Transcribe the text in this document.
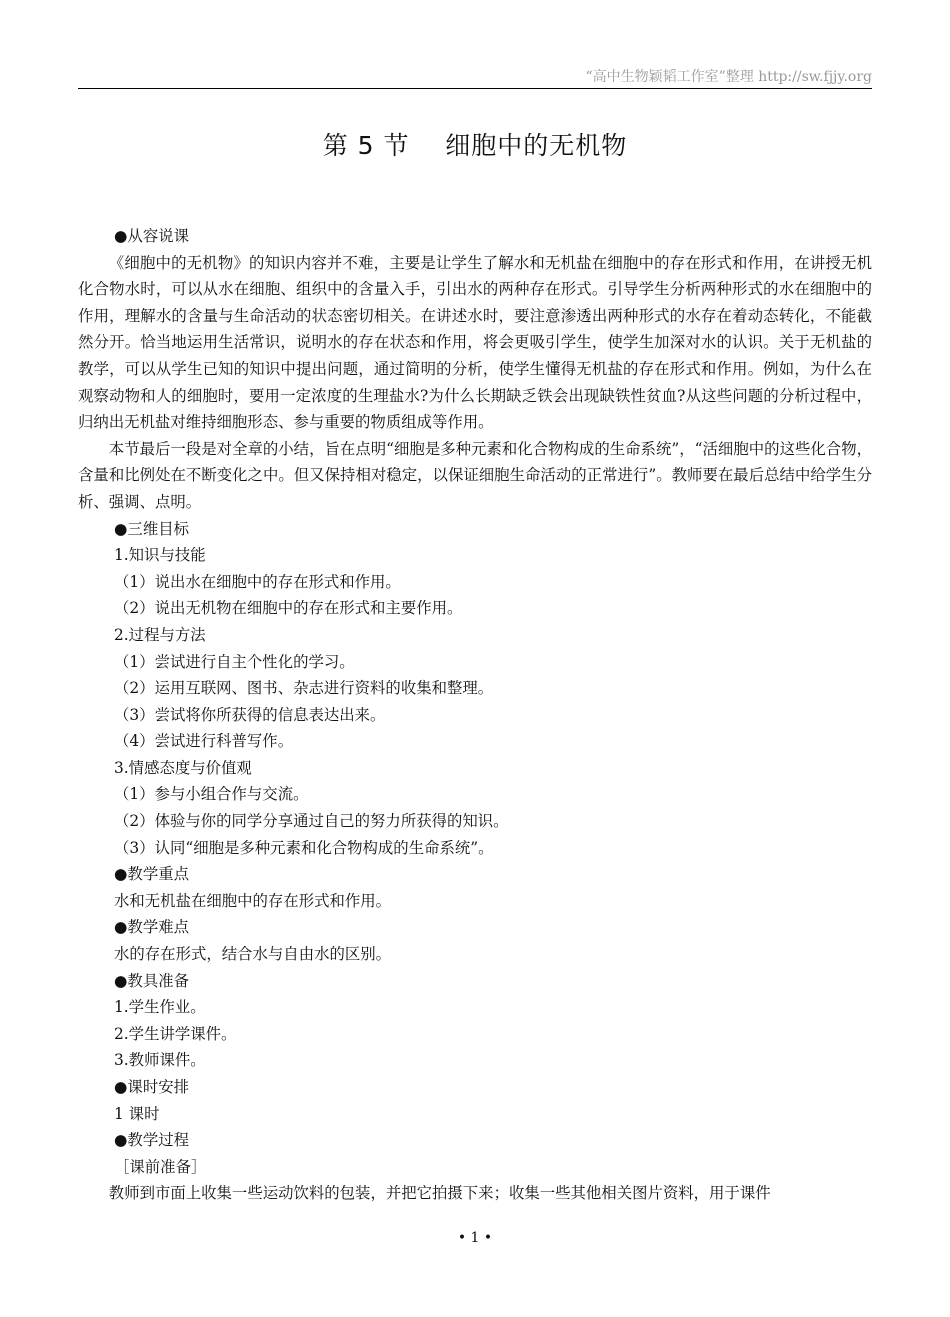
“高中生物颖韬工作室”整理 http://sw.fjjy.org
第 5 节    细胞中的无机物

●从容说课

《细胞中的无机物》的知识内容并不难，主要是让学生了解水和无机盐在细胞中的存在形式和作用，在讲授无机化合物水时，可以从水在细胞、组织中的含量入手，引出水的两种存在形式。引导学生分析两种形式的水在细胞中的作用，理解水的含量与生命活动的状态密切相关。在讲述水时，要注意渗透出两种形式的水存在着动态转化，不能截然分开。恰当地运用生活常识，说明水的存在状态和作用，将会更吸引学生，使学生加深对水的认识。关于无机盐的教学，可以从学生已知的知识中提出问题，通过简明的分析，使学生懂得无机盐的存在形式和作用。例如，为什么在观察动物和人的细胞时，要用一定浓度的生理盐水?为什么长期缺乏铁会出现缺铁性贫血?从这些问题的分析过程中，归纳出无机盐对维持细胞形态、参与重要的物质组成等作用。

本节最后一段是对全章的小结，旨在点明“细胞是多种元素和化合物构成的生命系统”，“活细胞中的这些化合物，含量和比例处在不断变化之中。但又保持相对稳定，以保证细胞生命活动的正常进行”。教师要在最后总结中给学生分析、强调、点明。

●三维目标

1.知识与技能

（1）说出水在细胞中的存在形式和作用。

（2）说出无机物在细胞中的存在形式和主要作用。

2.过程与方法

（1）尝试进行自主个性化的学习。

（2）运用互联网、图书、杂志进行资料的收集和整理。

（3）尝试将你所获得的信息表达出来。

（4）尝试进行科普写作。

3.情感态度与价值观

（1）参与小组合作与交流。

（2）体验与你的同学分享通过自己的努力所获得的知识。

（3）认同“细胞是多种元素和化合物构成的生命系统”。

●教学重点

水和无机盐在细胞中的存在形式和作用。

●教学难点

水的存在形式，结合水与自由水的区别。

●教具准备

1.学生作业。

2.学生讲学课件。

3.教师课件。

●课时安排

1 课时

●教学过程

［课前准备］

教师到市面上收集一些运动饮料的包装，并把它拍摄下来；收集一些其他相关图片资料，用于课件

• 1 •
